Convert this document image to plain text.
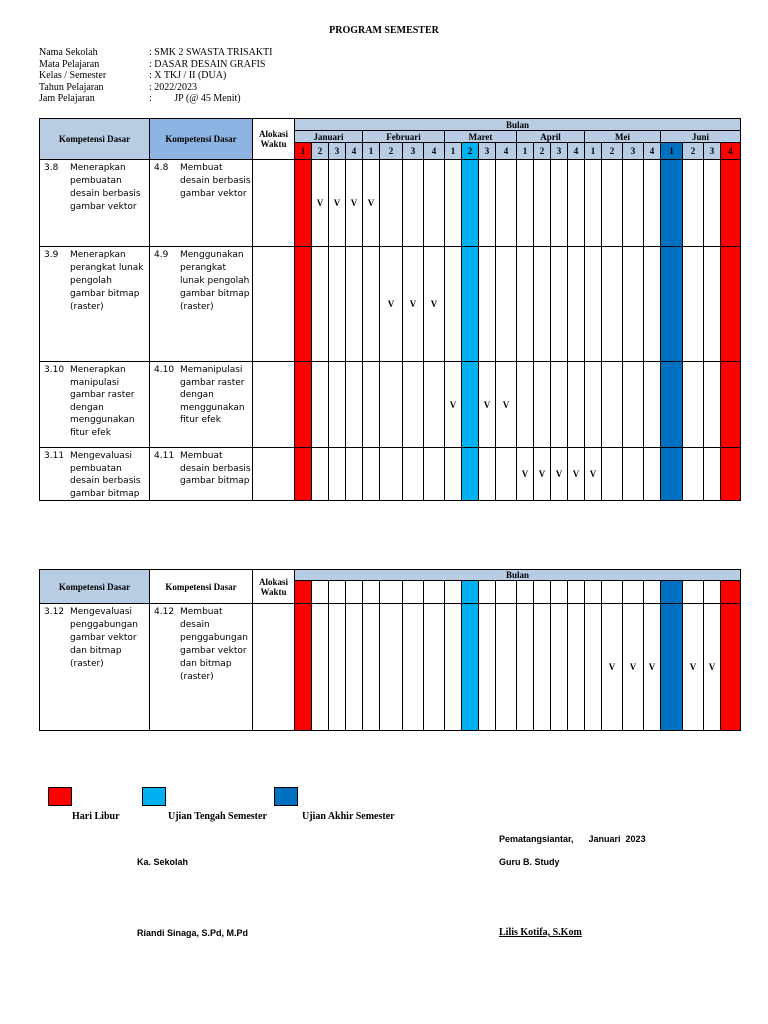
PROGRAM SEMESTER
Nama Sekolah	: SMK 2 SWASTA TRISAKTI
Mata Pelajaran	: DASAR DESAIN GRAFIS
Kelas / Semester	: X TKJ / II (DUA)
Tahun Pelajaran	: 2022/2023
Jam Pelajaran	:         JP (@ 45 Menit)
Kompetensi Dasar	Kompetensi Dasar	Alokasi Waktu	Bulan																							
			Januari				Februari				Maret				April				Mei				Juni			
			1	2	3	4	1	2	3	4	1	2	3	4	1	2	3	4	1	2	3	4	1	2	3	4
3.8 Menerapkan pembuatan desain berbasis gambar vektor	4.8 Membuat desain berbasis gambar vektor			V	V	V	V																			
3.9 Menerapkan perangkat lunak pengolah gambar bitmap (raster)	4.9 Menggunakan perangkat lunak pengolah gambar bitmap (raster)							V	V	V																
3.10 Menerapkan manipulasi gambar raster dengan menggunakan fitur efek	4.10 Memanipulasi gambar raster dengan menggunakan fitur efek										V		V	V												
3.11 Mengevaluasi pembuatan desain berbasis gambar bitmap	4.11 Membuat desain berbasis gambar bitmap														V	V	V	V	V							
Kompetensi Dasar	Kompetensi Dasar	Alokasi Waktu	Bulan																							

3.12 Mengevaluasi penggabungan gambar vektor dan bitmap (raster)	4.12 Membuat desain penggabungan gambar vektor dan bitmap (raster)																			V	V	V		V	V	
Hari Libur	Ujian Tengah Semester	Ujian Akhir Semester
Pematangsiantar,      Januari  2023
Ka. Sekolah	Guru B. Study
Riandi Sinaga, S.Pd, M.Pd	Lilis Kotifa, S.Kom
